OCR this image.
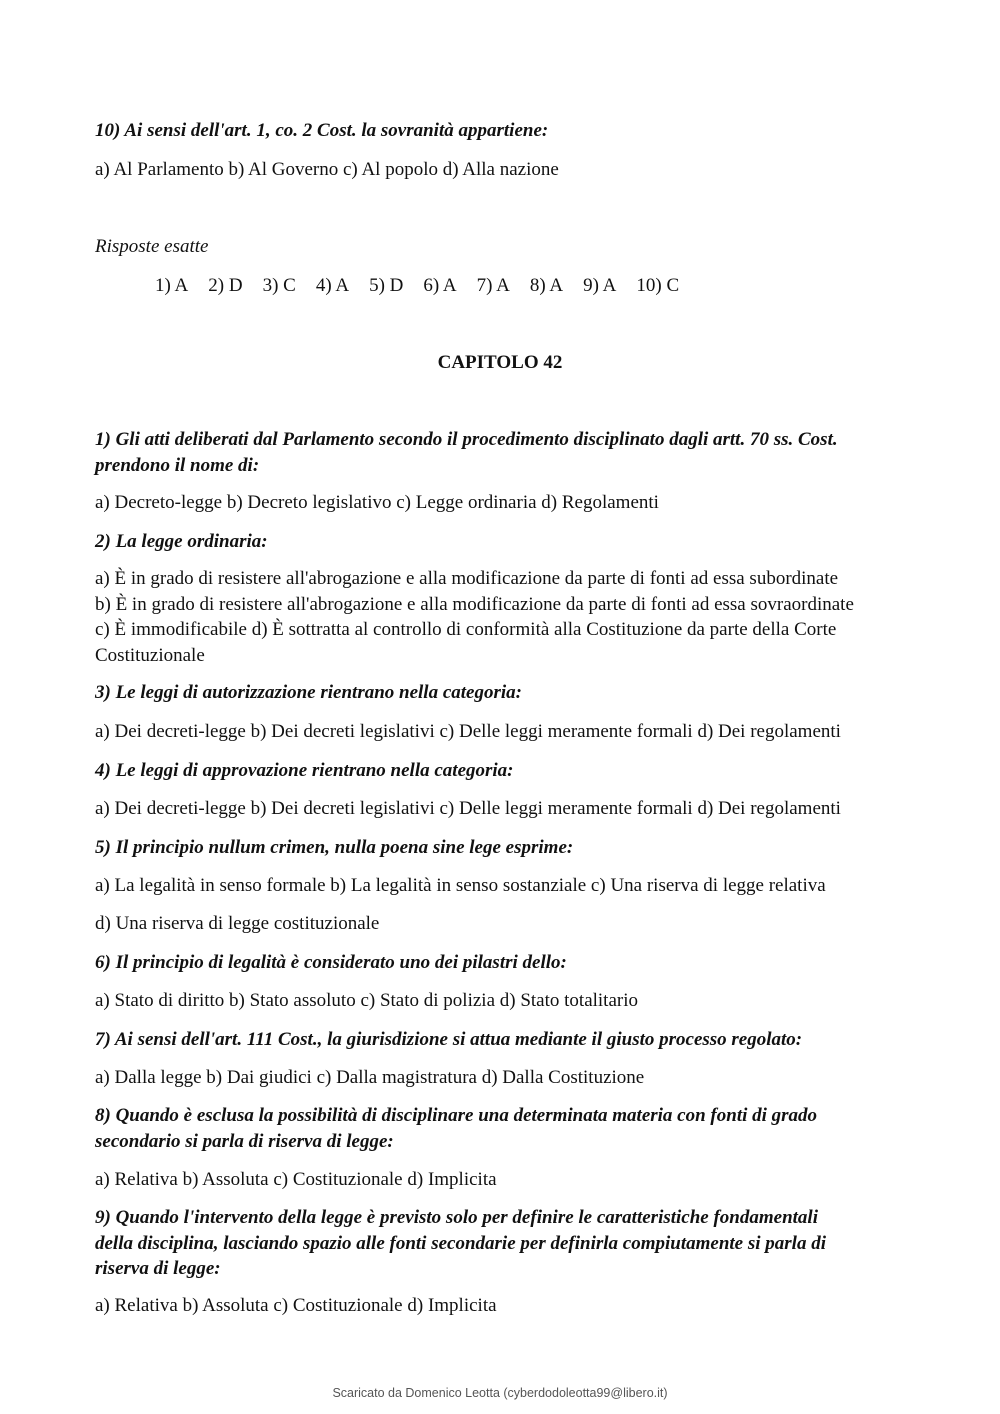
10) Ai sensi dell'art. 1, co. 2 Cost. la sovranità appartiene:
a) Al Parlamento b) Al Governo c) Al popolo d) Alla nazione
Risposte esatte
1) A 2) D 3) C 4) A 5) D 6) A 7) A 8) A 9) A 10) C
CAPITOLO 42
1) Gli atti deliberati dal Parlamento secondo il procedimento disciplinato dagli artt. 70 ss. Cost.
prendono il nome di:
a) Decreto-legge b) Decreto legislativo c) Legge ordinaria d) Regolamenti
2) La legge ordinaria:
a) È in grado di resistere all'abrogazione e alla modificazione da parte di fonti ad essa subordinate
b) È in grado di resistere all'abrogazione e alla modificazione da parte di fonti ad essa sovraordinate
c) È immodificabile d) È sottratta al controllo di conformità alla Costituzione da parte della Corte
Costituzionale
3) Le leggi di autorizzazione rientrano nella categoria:
a) Dei decreti-legge b) Dei decreti legislativi c) Delle leggi meramente formali d) Dei regolamenti
4) Le leggi di approvazione rientrano nella categoria:
a) Dei decreti-legge b) Dei decreti legislativi c) Delle leggi meramente formali d) Dei regolamenti
5) Il principio nullum crimen, nulla poena sine lege esprime:
a) La legalità in senso formale b) La legalità in senso sostanziale c) Una riserva di legge relativa
d) Una riserva di legge costituzionale
6) Il principio di legalità è considerato uno dei pilastri dello:
a) Stato di diritto b) Stato assoluto c) Stato di polizia d) Stato totalitario
7) Ai sensi dell'art. 111 Cost., la giurisdizione si attua mediante il giusto processo regolato:
a) Dalla legge b) Dai giudici c) Dalla magistratura d) Dalla Costituzione
8) Quando è esclusa la possibilità di disciplinare una determinata materia con fonti di grado
secondario si parla di riserva di legge:
a) Relativa b) Assoluta c) Costituzionale d) Implicita
9) Quando l'intervento della legge è previsto solo per definire le caratteristiche fondamentali
della disciplina, lasciando spazio alle fonti secondarie per definirla compiutamente si parla di
riserva di legge:
a) Relativa b) Assoluta c) Costituzionale d) Implicita
Scaricato da Domenico Leotta (cyberdodoleotta99@libero.it)
